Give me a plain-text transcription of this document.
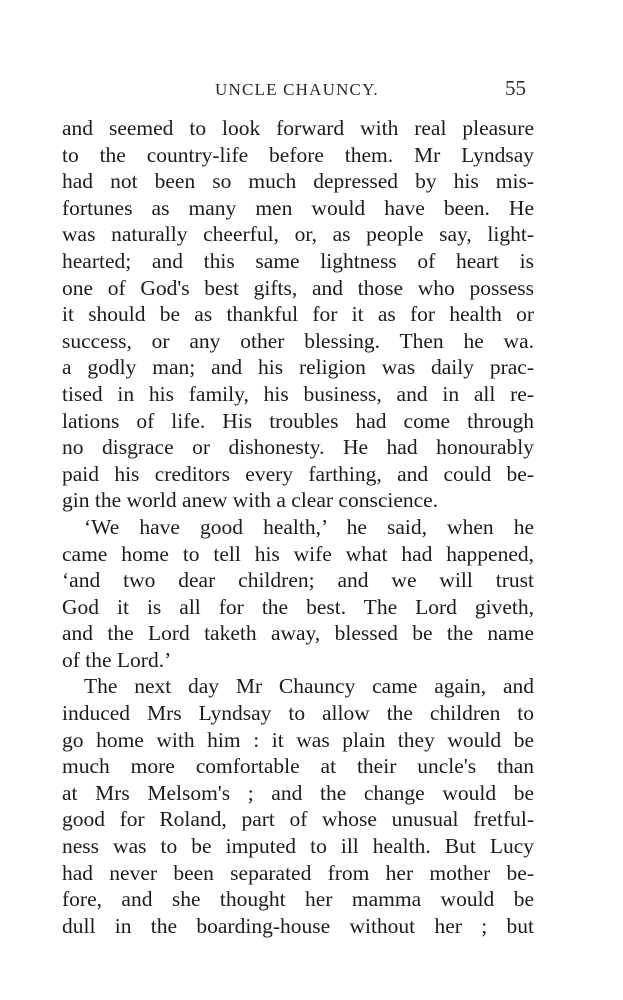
UNCLE CHAUNCY.	55
and seemed to look forward with real pleasure
to the country-life before them. Mr Lyndsay
had not been so much depressed by his mis-
fortunes as many men would have been. He
was naturally cheerful, or, as people say, light-
hearted; and this same lightness of heart is
one of God's best gifts, and those who possess
it should be as thankful for it as for health or
success, or any other blessing. Then he wa.
a godly man; and his religion was daily prac-
tised in his family, his business, and in all re-
lations of life. His troubles had come through
no disgrace or dishonesty. He had honourably
paid his creditors every farthing, and could be-
gin the world anew with a clear conscience.
‘We have good health,’ he said, when he
came home to tell his wife what had happened,
‘and two dear children; and we will trust
God it is all for the best. The Lord giveth,
and the Lord taketh away, blessed be the name
of the Lord.’
The next day Mr Chauncy came again, and
induced Mrs Lyndsay to allow the children to
go home with him : it was plain they would be
much more comfortable at their uncle's than
at Mrs Melsom's ; and the change would be
good for Roland, part of whose unusual fretful-
ness was to be imputed to ill health. But Lucy
had never been separated from her mother be-
fore, and she thought her mamma would be
dull in the boarding-house without her ; but
